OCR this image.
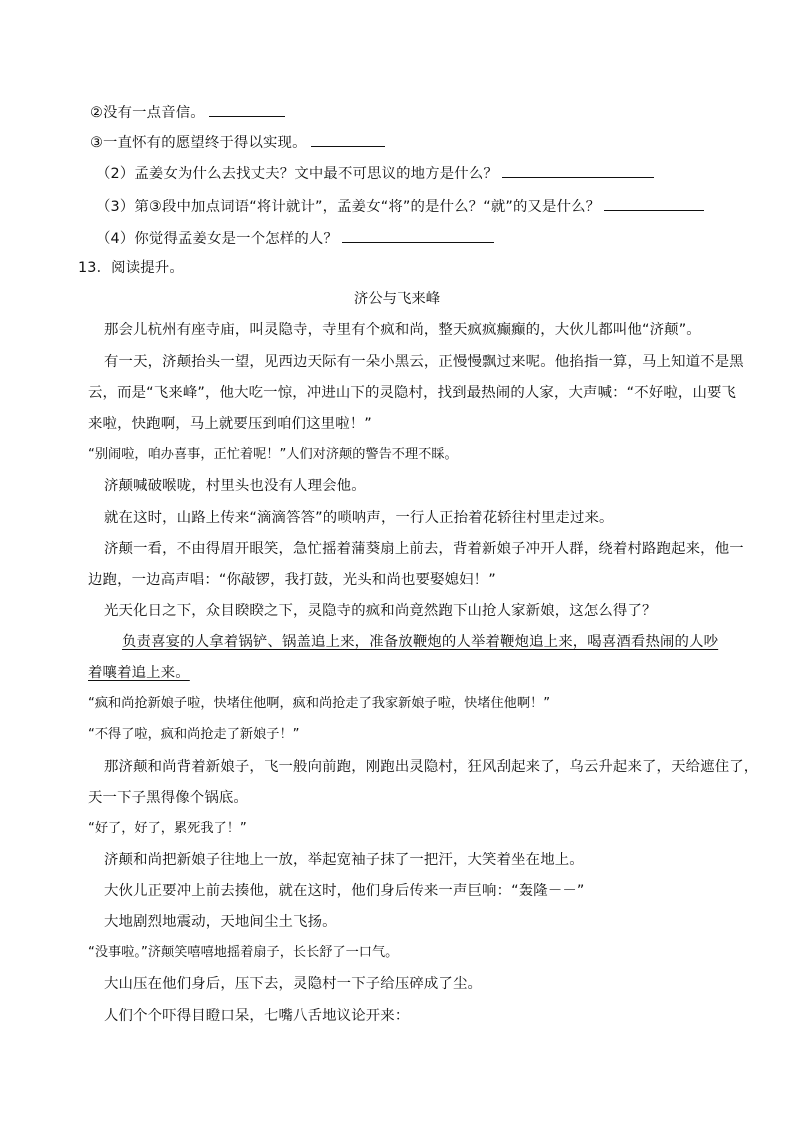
②没有一点音信。
③一直怀有的愿望终于得以实现。
（2）孟姜女为什么去找丈夫？文中最不可思议的地方是什么？
（3）第③段中加点词语“将计就计”，孟姜女“将”的是什么？“就”的又是什么？
（4）你觉得孟姜女是一个怎样的人？
13．阅读提升。
济公与飞来峰
那会儿杭州有座寺庙，叫灵隐寺，寺里有个疯和尚，整天疯疯癫癫的，大伙儿都叫他“济颠”。
有一天，济颠抬头一望，见西边天际有一朵小黑云，正慢慢飘过来呢。他掐指一算，马上知道不是黑
云，而是“飞来峰”，他大吃一惊，冲进山下的灵隐村，找到最热闹的人家，大声喊：“不好啦，山要飞
来啦，快跑啊，马上就要压到咱们这里啦！”
“别闹啦，咱办喜事，正忙着呢！”人们对济颠的警告不理不睬。
济颠喊破喉咙，村里头也没有人理会他。
就在这时，山路上传来“滴滴答答”的唢呐声，一行人正抬着花轿往村里走过来。
济颠一看，不由得眉开眼笑，急忙摇着蒲葵扇上前去，背着新娘子冲开人群，绕着村路跑起来，他一
边跑，一边高声唱：“你敲锣，我打鼓，光头和尚也要娶媳妇！”
光天化日之下，众目睽睽之下，灵隐寺的疯和尚竟然跑下山抢人家新娘，这怎么得了？
负责喜宴的人拿着锅铲、锅盖追上来，准备放鞭炮的人举着鞭炮追上来，喝喜酒看热闹的人吵
着嚷着追上来。
“疯和尚抢新娘子啦，快堵住他啊，疯和尚抢走了我家新娘子啦，快堵住他啊！”
“不得了啦，疯和尚抢走了新娘子！”
那济颠和尚背着新娘子，飞一般向前跑，刚跑出灵隐村，狂风刮起来了，乌云升起来了，天给遮住了，
天一下子黑得像个锅底。
“好了，好了，累死我了！”
济颠和尚把新娘子往地上一放，举起宽袖子抹了一把汗，大笑着坐在地上。
大伙儿正要冲上前去揍他，就在这时，他们身后传来一声巨响：“轰隆－－”
大地剧烈地震动，天地间尘土飞扬。
“没事啦。”济颠笑嘻嘻地摇着扇子，长长舒了一口气。
大山压在他们身后，压下去，灵隐村一下子给压碎成了尘。
人们个个吓得目瞪口呆，七嘴八舌地议论开来：
